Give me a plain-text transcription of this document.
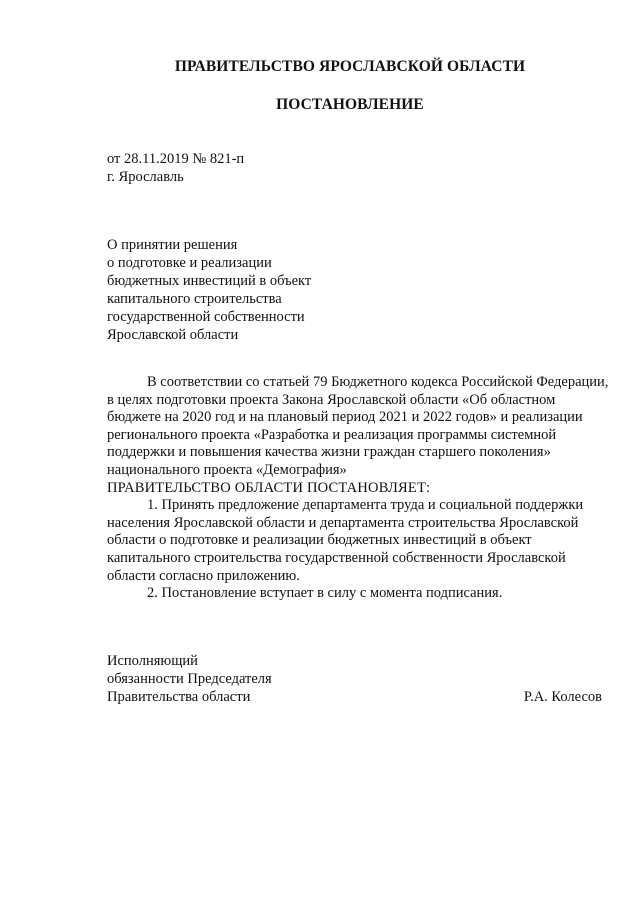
ПРАВИТЕЛЬСТВО ЯРОСЛАВСКОЙ ОБЛАСТИ
ПОСТАНОВЛЕНИЕ
от 28.11.2019 № 821-п
г. Ярославль
О принятии решения
о подготовке и реализации
бюджетных инвестиций в объект
капитального строительства
государственной собственности
Ярославской области

В соответствии со статьей 79 Бюджетного кодекса Российской Федерации, в целях подготовки проекта Закона Ярославской области «Об областном бюджете на 2020 год и на плановый период 2021 и 2022 годов» и реализации регионального проекта «Разработка и реализация программы системной поддержки и повышения качества жизни граждан старшего поколения» национального проекта «Демография»

ПРАВИТЕЛЬСТВО ОБЛАСТИ ПОСТАНОВЛЯЕТ:

1. Принять предложение департамента труда и социальной поддержки населения Ярославской области и департамента строительства Ярославской области о подготовке и реализации бюджетных инвестиций в объект капитального строительства государственной собственности Ярославской области согласно приложению.

2. Постановление вступает в силу с момента подписания.

Исполняющий
обязанности Председателя
Правительства области	Р.А. Колесов
